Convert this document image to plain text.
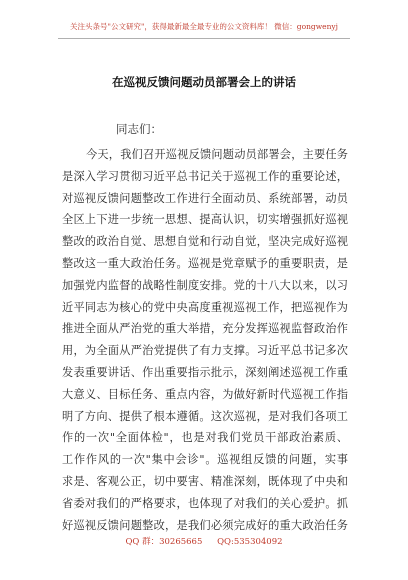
关注头条号"公文研究"，获得最新最全最专业的公文资料库！ 微信：gongwenyj
在巡视反馈问题动员部署会上的讲话
同志们：
今天，我们召开巡视反馈问题动员部署会，主要任务
是深入学习贯彻习近平总书记关于巡视工作的重要论述，
对巡视反馈问题整改工作进行全面动员、系统部署，动员
全区上下进一步统一思想、提高认识，切实增强抓好巡视
整改的政治自觉、思想自觉和行动自觉，坚决完成好巡视
整改这一重大政治任务。巡视是党章赋予的重要职责，是
加强党内监督的战略性制度安排。党的十八大以来，以习
近平同志为核心的党中央高度重视巡视工作，把巡视作为
推进全面从严治党的重大举措，充分发挥巡视监督政治作
用，为全面从严治党提供了有力支撑。习近平总书记多次
发表重要讲话、作出重要指示批示，深刻阐述巡视工作重
大意义、目标任务、重点内容，为做好新时代巡视工作指
明了方向、提供了根本遵循。这次巡视，是对我们各项工
作的一次"全面体检"，也是对我们党员干部政治素质、
工作作风的一次"集中会诊"。巡视组反馈的问题，实事
求是、客观公正，切中要害、精准深刻，既体现了中央和
省委对我们的严格要求，也体现了对我们的关心爱护。抓
好巡视反馈问题整改，是我们必须完成好的重大政治任务
QQ 群：30265665 QQ:535304092
